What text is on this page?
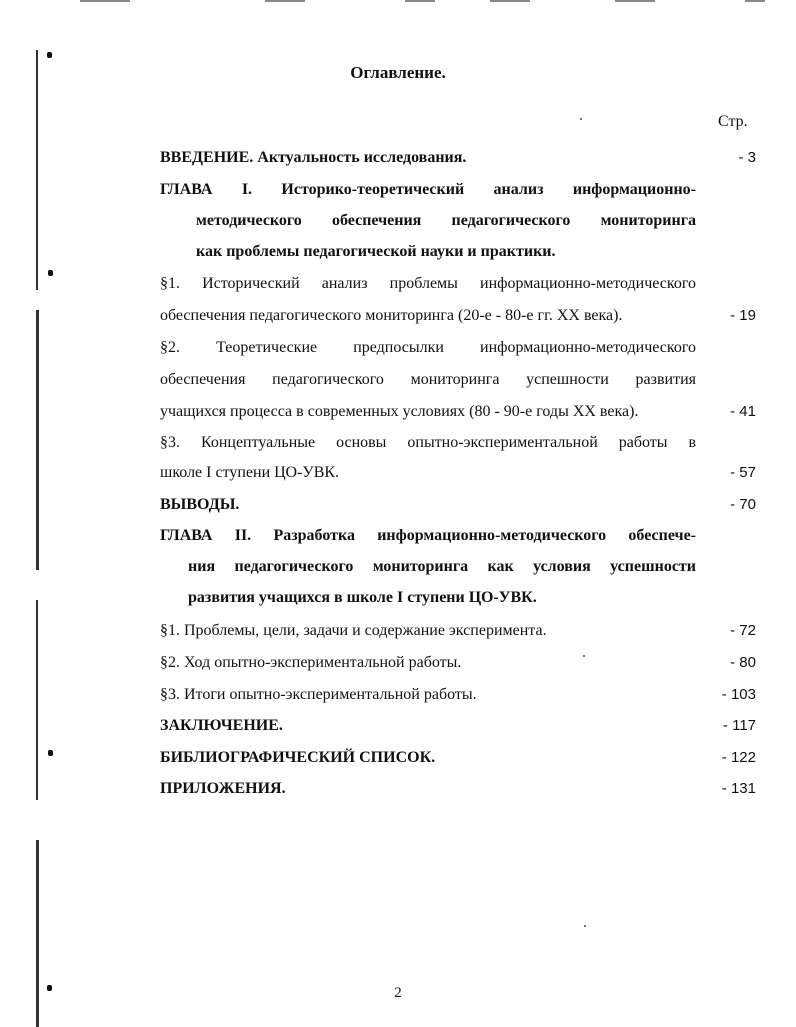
Оглавление.
Стр.
ВВЕДЕНИЕ. Актуальность исследования.	- 3
ГЛАВА I. Историко-теоретический анализ информационно-
методического обеспечения педагогического мониторинга
как проблемы педагогической науки и практики.
§1. Исторический анализ проблемы информационно-методического
обеспечения педагогического мониторинга (20-е - 80-е гг. XX века).	- 19
§2. Теоретические предпосылки информационно-методического
обеспечения педагогического мониторинга успешности развития
учащихся процесса в современных условиях (80 - 90-е годы XX века).	- 41
§3. Концептуальные основы опытно-экспериментальной работы в
школе I ступени ЦО-УВК.	- 57
ВЫВОДЫ.	- 70
ГЛАВА II. Разработка информационно-методического обеспече-
ния педагогического мониторинга как условия успешности
развития учащихся в школе I ступени ЦО-УВК.
§1. Проблемы, цели, задачи и содержание эксперимента.	- 72
§2. Ход опытно-экспериментальной работы.	- 80
§3. Итоги опытно-экспериментальной работы.	- 103
ЗАКЛЮЧЕНИЕ.	- 117
БИБЛИОГРАФИЧЕСКИЙ СПИСОК.	- 122
ПРИЛОЖЕНИЯ.	- 131
2
